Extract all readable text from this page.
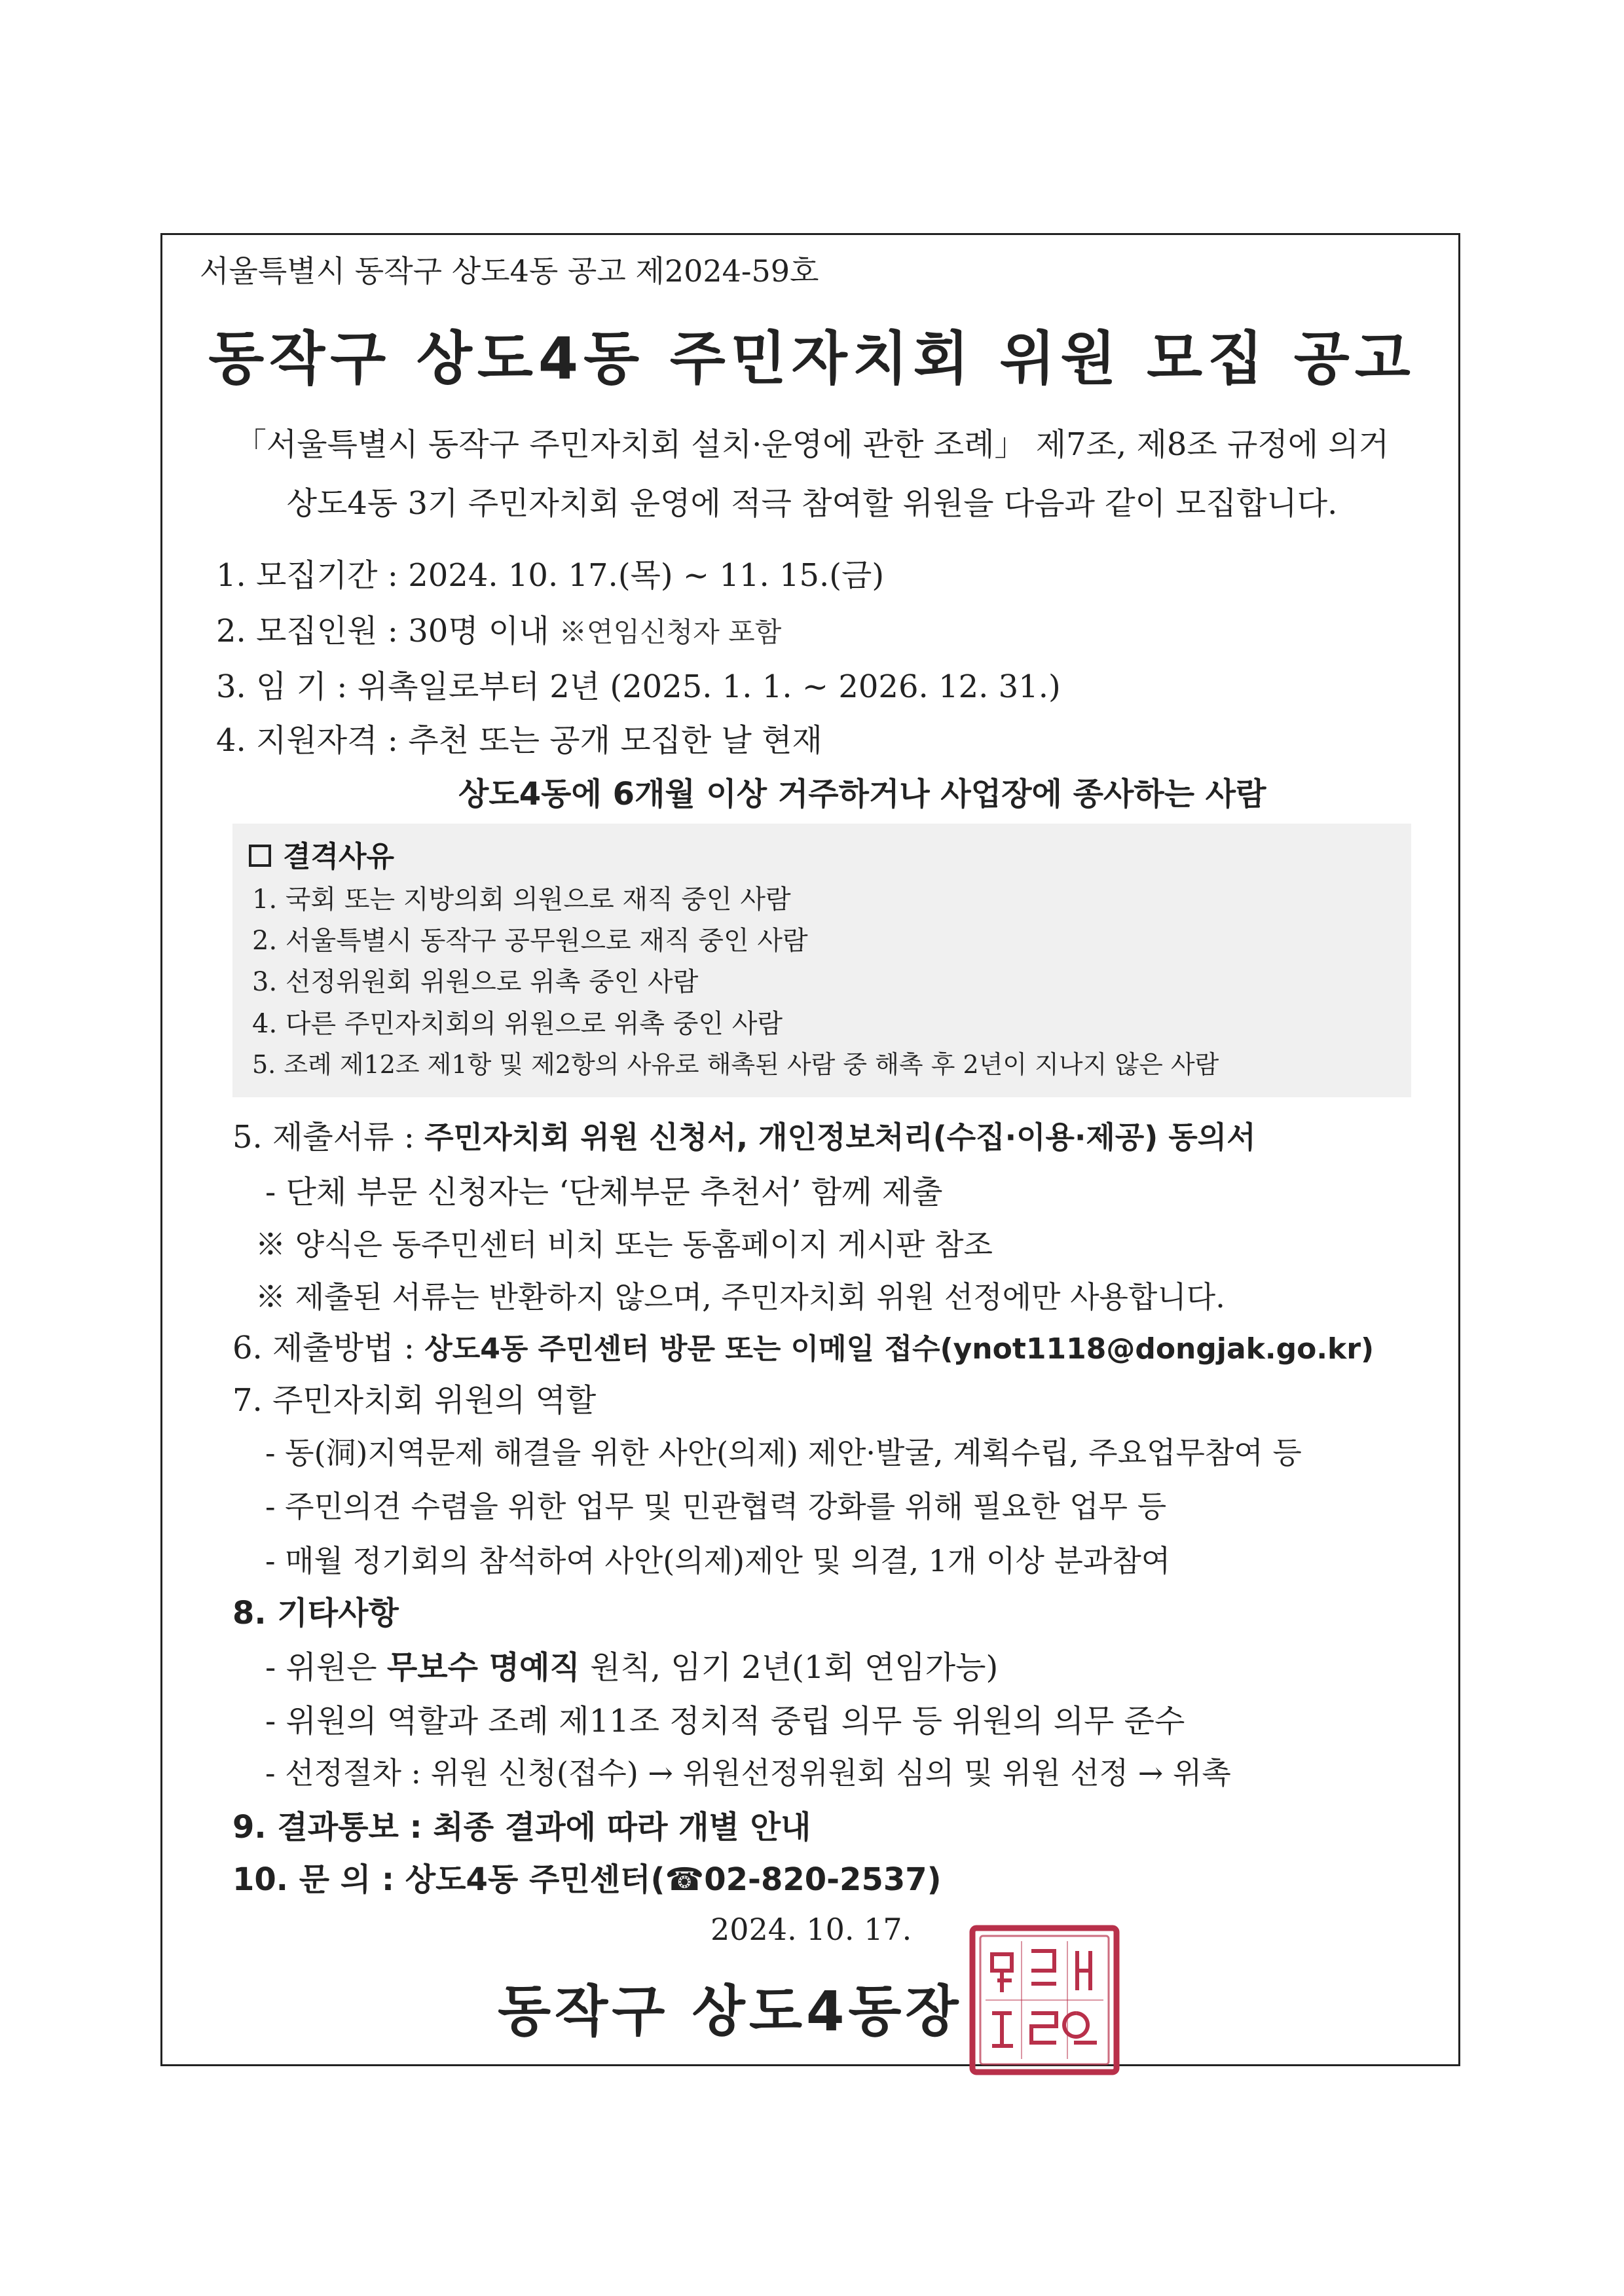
서울특별시 동작구 상도4동 공고 제2024-59호
동작구 상도4동 주민자치회 위원 모집 공고
「서울특별시 동작구 주민자치회 설치·운영에 관한 조례」 제7조, 제8조 규정에 의거
상도4동 3기 주민자치회 운영에 적극 참여할 위원을 다음과 같이 모집합니다.
1. 모집기간 : 2024. 10. 17.(목) ~ 11. 15.(금)
2. 모집인원 : 30명 이내 ※연임신청자 포함
3. 임 기 : 위촉일로부터 2년 (2025. 1. 1. ~ 2026. 12. 31.)
4. 지원자격 : 추천 또는 공개 모집한 날 현재
상도4동에 6개월 이상 거주하거나 사업장에 종사하는 사람
결격사유
1. 국회 또는 지방의회 의원으로 재직 중인 사람
2. 서울특별시 동작구 공무원으로 재직 중인 사람
3. 선정위원회 위원으로 위촉 중인 사람
4. 다른 주민자치회의 위원으로 위촉 중인 사람
5. 조례 제12조 제1항 및 제2항의 사유로 해촉된 사람 중 해촉 후 2년이 지나지 않은 사람
5. 제출서류 : 주민자치회 위원 신청서, 개인정보처리(수집·이용·제공) 동의서
- 단체 부문 신청자는 ‘단체부문 추천서’ 함께 제출
※ 양식은 동주민센터 비치 또는 동홈페이지 게시판 참조
※ 제출된 서류는 반환하지 않으며, 주민자치회 위원 선정에만 사용합니다.
6. 제출방법 : 상도4동 주민센터 방문 또는 이메일 접수(ynot1118@dongjak.go.kr)
7. 주민자치회 위원의 역할
- 동(洞)지역문제 해결을 위한 사안(의제) 제안·발굴, 계획수립, 주요업무참여 등
- 주민의견 수렴을 위한 업무 및 민관협력 강화를 위해 필요한 업무 등
- 매월 정기회의 참석하여 사안(의제)제안 및 의결, 1개 이상 분과참여
8. 기타사항
- 위원은 무보수 명예직 원칙, 임기 2년(1회 연임가능)
- 위원의 역할과 조례 제11조 정치적 중립 의무 등 위원의 의무 준수
- 선정절차 : 위원 신청(접수) → 위원선정위원회 심의 및 위원 선정 → 위촉
9. 결과통보 : 최종 결과에 따라 개별 안내
10. 문 의 : 상도4동 주민센터(☎02-820-2537)
2024. 10. 17.
동작구 상도4동장
